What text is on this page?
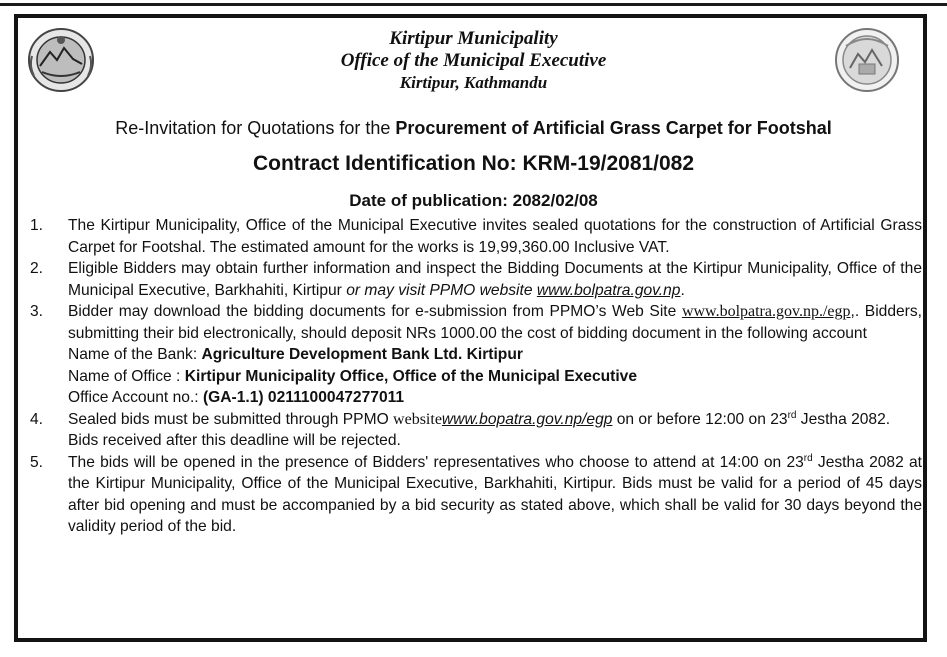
Kirtipur Municipality
Office of the Municipal Executive
Kirtipur, Kathmandu
Re-Invitation for Quotations for the Procurement of Artificial Grass Carpet for Footshal
Contract Identification No: KRM-19/2081/082
Date of publication: 2082/02/08
1. The Kirtipur Municipality, Office of the Municipal Executive invites sealed quotations for the construction of Artificial Grass Carpet for Footshal. The estimated amount for the works is 19,99,360.00 Inclusive VAT.
2. Eligible Bidders may obtain further information and inspect the Bidding Documents at the Kirtipur Municipality, Office of the Municipal Executive, Barkhahiti, Kirtipur or may visit PPMO website www.bolpatra.gov.np.
3. Bidder may download the bidding documents for e-submission from PPMO’s Web Site www.bolpatra.gov.np./egp,. Bidders, submitting their bid electronically, should deposit NRs 1000.00 the cost of bidding document in the following account
Name of the Bank: Agriculture Development Bank Ltd. Kirtipur
Name of Office : Kirtipur Municipality Office, Office of the Municipal Executive
Office Account no.: (GA-1.1) 0211100047277011
4. Sealed bids must be submitted through PPMO websitewww.bopatra.gov.np/egp on or before 12:00 on 23rd Jestha 2082. Bids received after this deadline will be rejected.
5. The bids will be opened in the presence of Bidders' representatives who choose to attend at 14:00 on 23rd Jestha 2082 at the Kirtipur Municipality, Office of the Municipal Executive, Barkhahiti, Kirtipur. Bids must be valid for a period of 45 days after bid opening and must be accompanied by a bid security as stated above, which shall be valid for 30 days beyond the validity period of the bid.
